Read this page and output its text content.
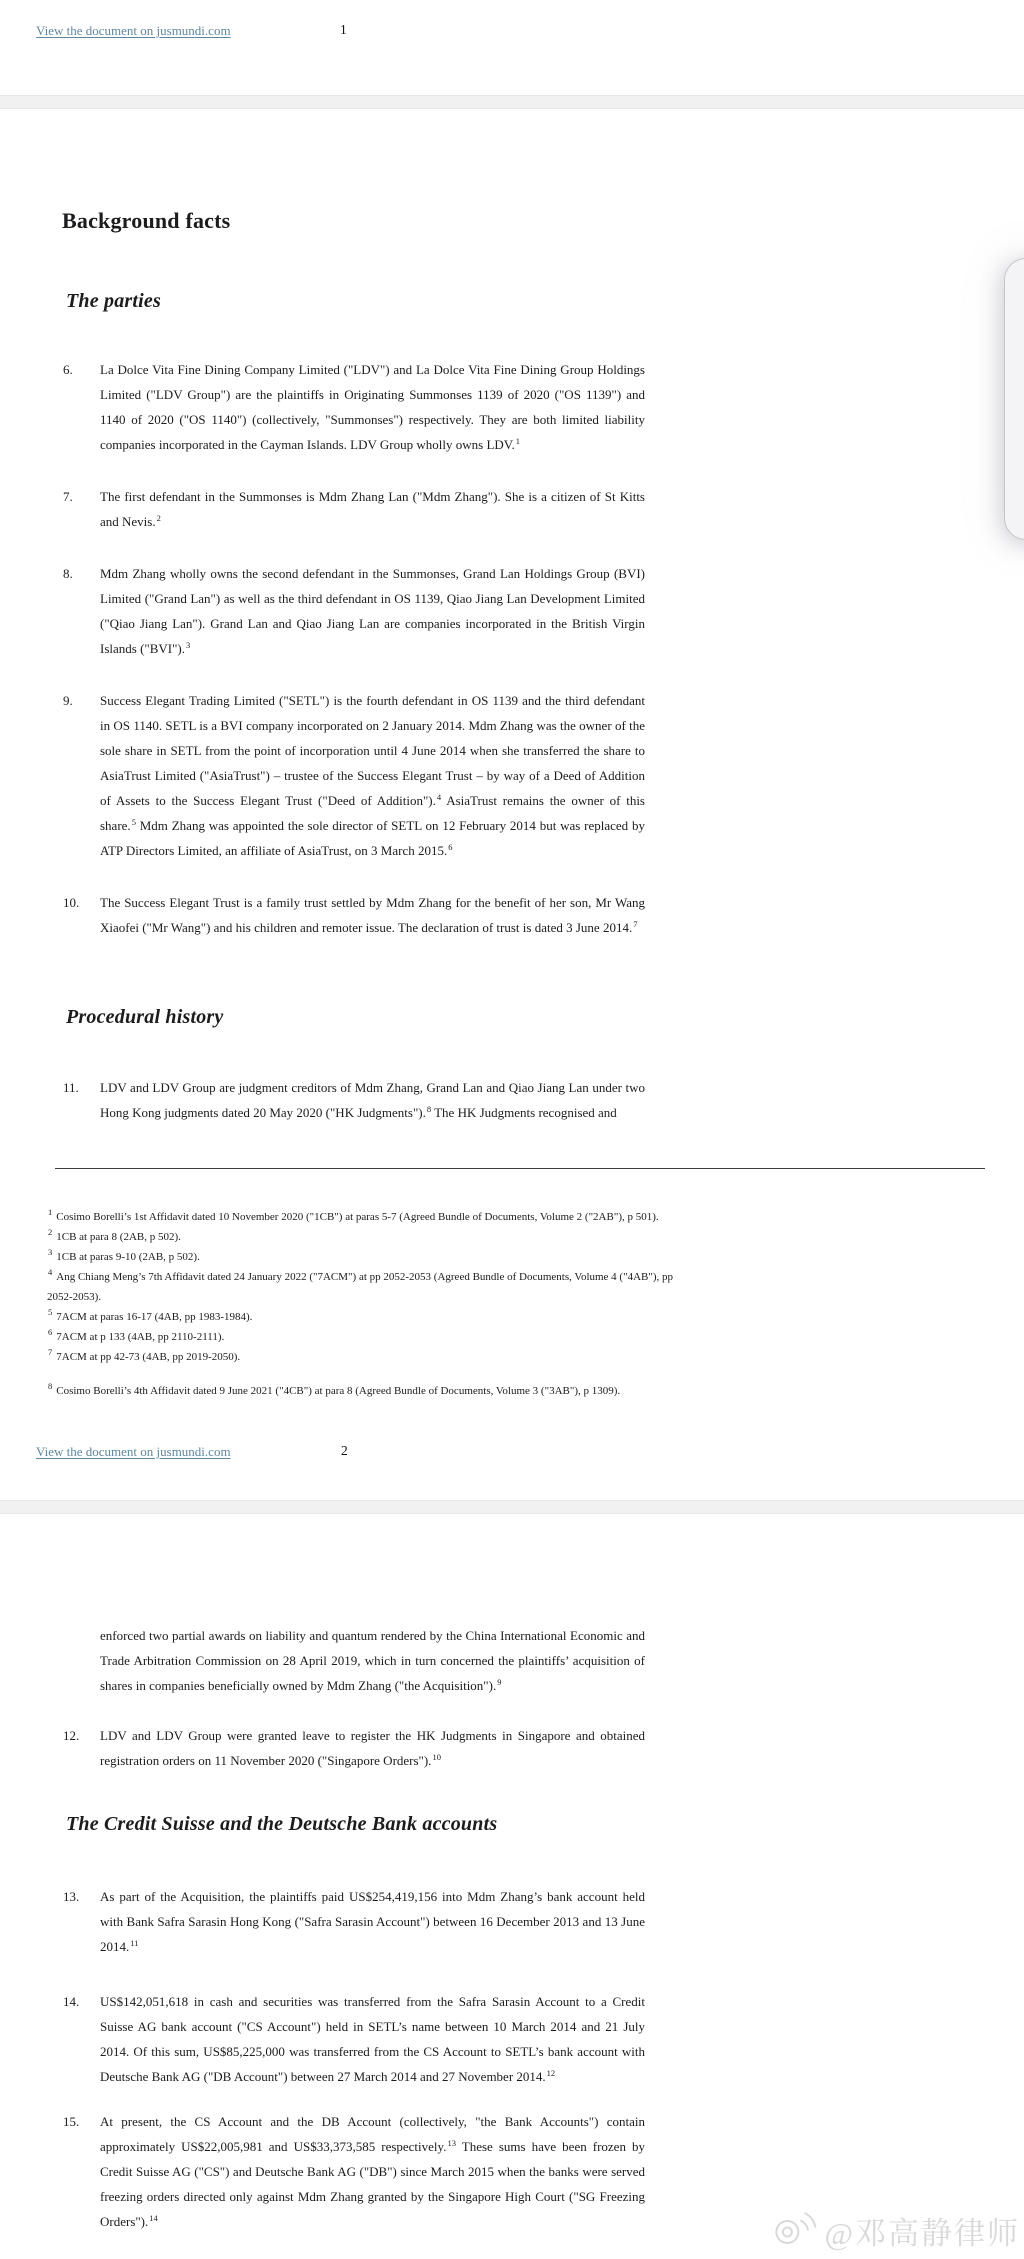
View the document on jusmundi.com	1
Background facts
The parties
6. La Dolce Vita Fine Dining Company Limited ("LDV") and La Dolce Vita Fine Dining Group Holdings Limited ("LDV Group") are the plaintiffs in Originating Summonses 1139 of 2020 ("OS 1139") and 1140 of 2020 ("OS 1140") (collectively, "Summonses") respectively. They are both limited liability companies incorporated in the Cayman Islands. LDV Group wholly owns LDV.$^1$
7. The first defendant in the Summonses is Mdm Zhang Lan ("Mdm Zhang"). She is a citizen of St Kitts and Nevis.$^2$
8. Mdm Zhang wholly owns the second defendant in the Summonses, Grand Lan Holdings Group (BVI) Limited ("Grand Lan") as well as the third defendant in OS 1139, Qiao Jiang Lan Development Limited ("Qiao Jiang Lan"). Grand Lan and Qiao Jiang Lan are companies incorporated in the British Virgin Islands ("BVI").$^3$
9. Success Elegant Trading Limited ("SETL") is the fourth defendant in OS 1139 and the third defendant in OS 1140. SETL is a BVI company incorporated on 2 January 2014. Mdm Zhang was the owner of the sole share in SETL from the point of incorporation until 4 June 2014 when she transferred the share to AsiaTrust Limited ("AsiaTrust") – trustee of the Success Elegant Trust – by way of a Deed of Addition of Assets to the Success Elegant Trust ("Deed of Addition").$^4$ AsiaTrust remains the owner of this share.$^5$ Mdm Zhang was appointed the sole director of SETL on 12 February 2014 but was replaced by ATP Directors Limited, an affiliate of AsiaTrust, on 3 March 2015.$^6$
10. The Success Elegant Trust is a family trust settled by Mdm Zhang for the benefit of her son, Mr Wang Xiaofei ("Mr Wang") and his children and remoter issue. The declaration of trust is dated 3 June 2014.$^7$
Procedural history
11. LDV and LDV Group are judgment creditors of Mdm Zhang, Grand Lan and Qiao Jiang Lan under two Hong Kong judgments dated 20 May 2020 ("HK Judgments").$^8$ The HK Judgments recognised and
$^1$ Cosimo Borelli’s 1st Affidavit dated 10 November 2020 ("1CB") at paras 5-7 (Agreed Bundle of Documents, Volume 2 ("2AB"), p 501).
$^2$ 1CB at para 8 (2AB, p 502).
$^3$ 1CB at paras 9-10 (2AB, p 502).
$^4$ Ang Chiang Meng’s 7th Affidavit dated 24 January 2022 ("7ACM") at pp 2052-2053 (Agreed Bundle of Documents, Volume 4 ("4AB"), pp 2052-2053).
$^5$ 7ACM at paras 16-17 (4AB, pp 1983-1984).
$^6$ 7ACM at p 133 (4AB, pp 2110-2111).
$^7$ 7ACM at pp 42-73 (4AB, pp 2019-2050).
$^8$ Cosimo Borelli’s 4th Affidavit dated 9 June 2021 ("4CB") at para 8 (Agreed Bundle of Documents, Volume 3 ("3AB"), p 1309).
View the document on jusmundi.com	2
enforced two partial awards on liability and quantum rendered by the China International Economic and Trade Arbitration Commission on 28 April 2019, which in turn concerned the plaintiffs’ acquisition of shares in companies beneficially owned by Mdm Zhang ("the Acquisition").$^9$
12. LDV and LDV Group were granted leave to register the HK Judgments in Singapore and obtained registration orders on 11 November 2020 ("Singapore Orders").$^{10}$
The Credit Suisse and the Deutsche Bank accounts
13. As part of the Acquisition, the plaintiffs paid US$254,419,156 into Mdm Zhang’s bank account held with Bank Safra Sarasin Hong Kong ("Safra Sarasin Account") between 16 December 2013 and 13 June 2014.11
14. US$142,051,618 in cash and securities was transferred from the Safra Sarasin Account to a Credit Suisse AG bank account ("CS Account") held in SETL’s name between 10 March 2014 and 21 July 2014. Of this sum, US$85,225,000 was transferred from the CS Account to SETL’s bank account with Deutsche Bank AG ("DB Account") between 27 March 2014 and 27 November 2014.12
15. At present, the CS Account and the DB Account (collectively, "the Bank Accounts") contain approximately US$22,005,981 and US$33,373,585 respectively.$^{13}$ These sums have been frozen by Credit Suisse AG ("CS") and Deutsche Bank AG ("DB") since March 2015 when the banks were served freezing orders directed only against Mdm Zhang granted by the Singapore High Court ("SG Freezing Orders").$^{14}$	@邓高静律师
